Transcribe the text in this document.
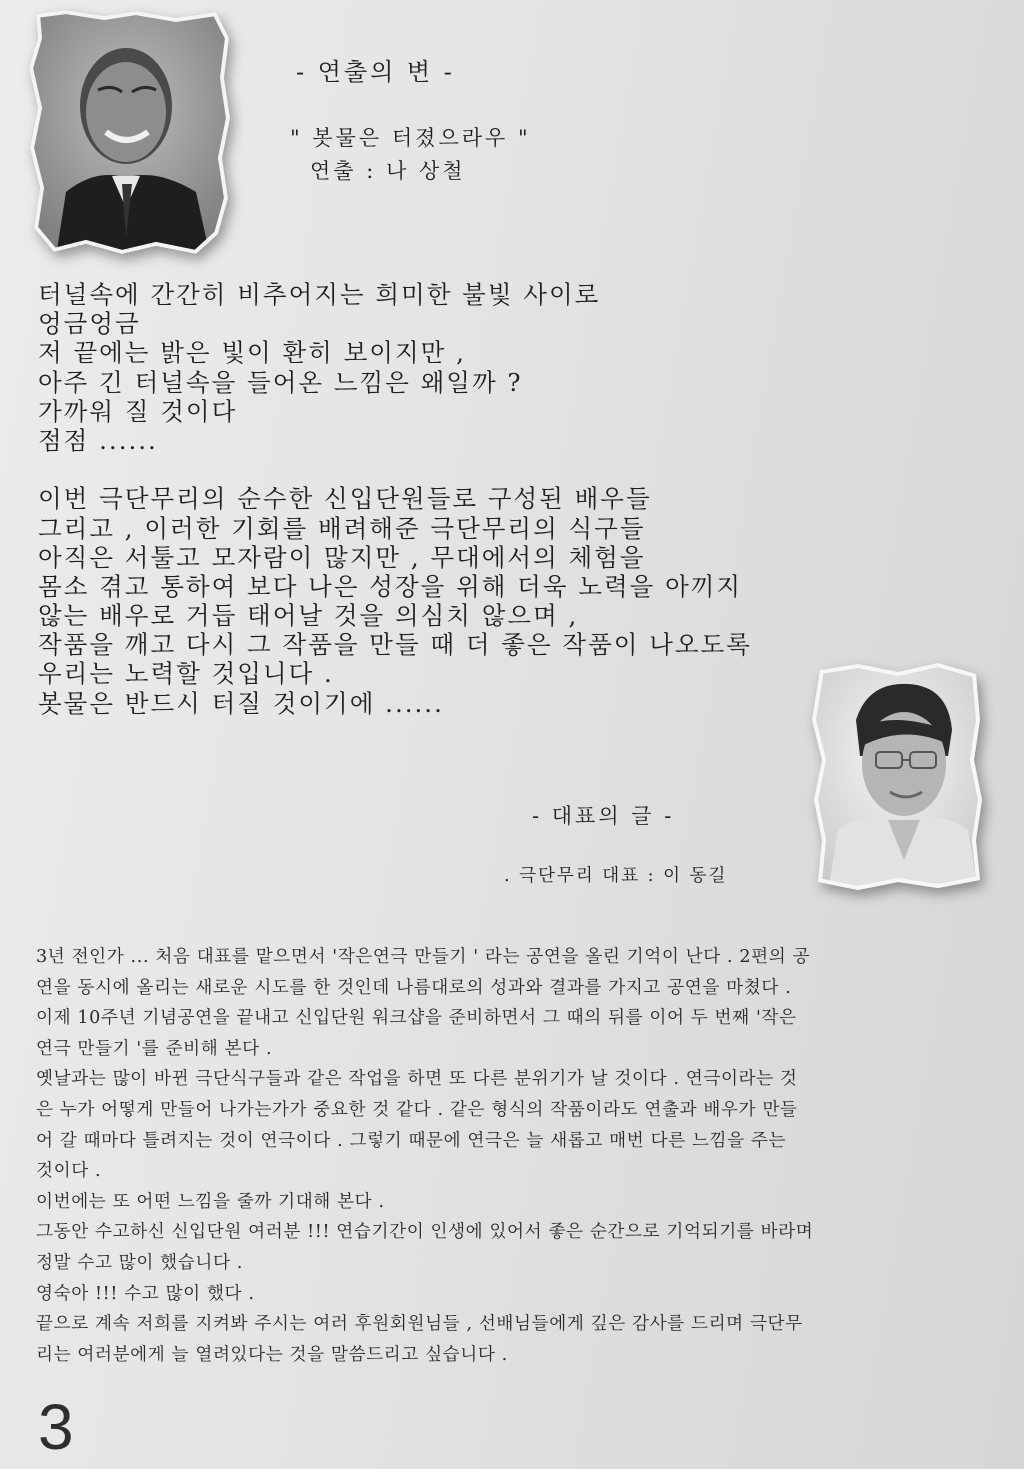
- 연출의 변 -
" 봇물은 터졌으라우 "
연출 : 나 상철
터널속에 간간히 비추어지는 희미한 불빛 사이로
엉금엉금
저 끝에는 밝은 빛이 환히 보이지만 ,
아주 긴 터널속을 들어온 느낌은 왜일까 ?
가까워 질 것이다
점점 ......
이번 극단무리의 순수한 신입단원들로 구성된 배우들
그리고 , 이러한 기회를 배려해준 극단무리의 식구들
아직은 서툴고 모자람이 많지만 , 무대에서의 체험을
몸소 겪고 통하여 보다 나은 성장을 위해 더욱 노력을 아끼지
않는 배우로 거듭 태어날 것을 의심치 않으며 ,
작품을 깨고 다시 그 작품을 만들 때 더 좋은 작품이 나오도록
우리는 노력할 것입니다 .
봇물은 반드시 터질 것이기에 ......
- 대표의 글 -
. 극단무리 대표 : 이 동길
3년 전인가 ... 처음 대표를 맡으면서 '작은연극 만들기 ' 라는 공연을 올린 기억이 난다 . 2편의 공
연을 동시에 올리는 새로운 시도를 한 것인데 나름대로의 성과와 결과를 가지고 공연을 마쳤다 .
이제 10주년 기념공연을 끝내고 신입단원 워크샵을 준비하면서 그 때의 뒤를 이어 두 번째 '작은
연극 만들기 '를 준비해 본다 .
옛날과는 많이 바뀐 극단식구들과 같은 작업을 하면 또 다른 분위기가 날 것이다 . 연극이라는 것
은 누가 어떻게 만들어 나가는가가 중요한 것 같다 . 같은 형식의 작품이라도 연출과 배우가 만들
어 갈 때마다 틀려지는 것이 연극이다 . 그렇기 때문에 연극은 늘 새롭고 매번 다른 느낌을 주는
것이다 .
이번에는 또 어떤 느낌을 줄까 기대해 본다 .
그동안 수고하신 신입단원 여러분 !!! 연습기간이 인생에 있어서 좋은 순간으로 기억되기를 바라며
정말 수고 많이 했습니다 .
영숙아 !!! 수고 많이 했다 .
끝으로 계속 저희를 지켜봐 주시는 여러 후원회원님들 , 선배님들에게 깊은 감사를 드리며 극단무
리는 여러분에게 늘 열려있다는 것을 말씀드리고 싶습니다 .
3
